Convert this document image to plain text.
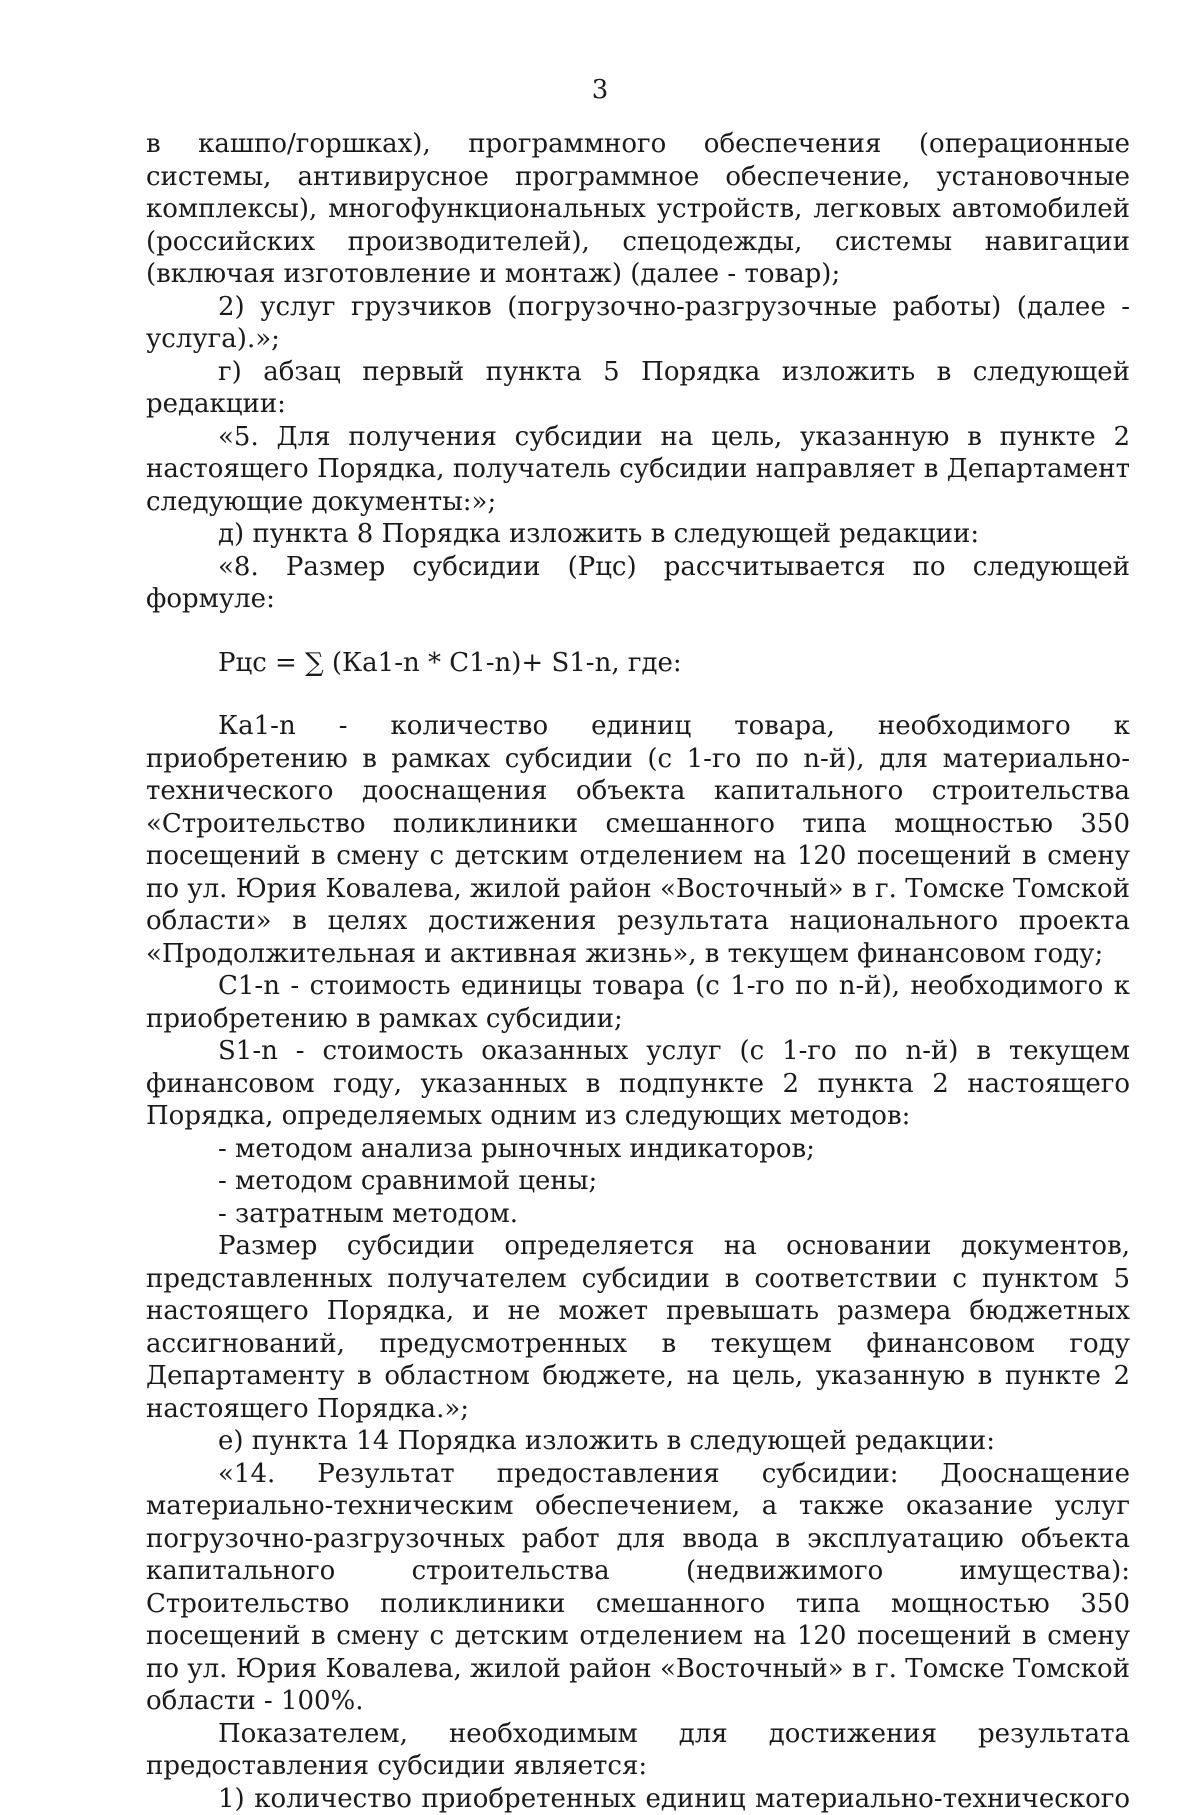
3

в кашпо/горшках), программного обеспечения (операционные системы, антивирусное программное обеспечение, установочные комплексы), многофункциональных устройств, легковых автомобилей (российских производителей), спецодежды, системы навигации (включая изготовление и монтаж) (далее - товар);

2) услуг грузчиков (погрузочно-разгрузочные работы) (далее - услуга).»;

г) абзац первый пункта 5 Порядка изложить в следующей редакции:

«5. Для получения субсидии на цель, указанную в пункте 2 настоящего Порядка, получатель субсидии направляет в Департамент следующие документы:»;

д) пункта 8 Порядка изложить в следующей редакции:

«8. Размер субсидии (Рцс) рассчитывается по следующей формуле:

Рцс = ∑ (Ка1-n * С1-n)+ S1-n, где:

Ка1-n - количество единиц товара, необходимого к приобретению в рамках субсидии (с 1-го по n-й), для материально-технического дооснащения объекта капитального строительства «Строительство поликлиники смешанного типа мощностью 350 посещений в смену с детским отделением на 120 посещений в смену по ул. Юрия Ковалева, жилой район «Восточный» в г. Томске Томской области» в целях достижения результата национального проекта «Продолжительная и активная жизнь», в текущем финансовом году;

С1-n - стоимость единицы товара (с 1-го по n-й), необходимого к приобретению в рамках субсидии;

S1-n - стоимость оказанных услуг (с 1-го по n-й) в текущем финансовом году, указанных в подпункте 2 пункта 2 настоящего Порядка, определяемых одним из следующих методов:

- методом анализа рыночных индикаторов;

- методом сравнимой цены;

- затратным методом.

Размер субсидии определяется на основании документов, представленных получателем субсидии в соответствии с пунктом 5 настоящего Порядка, и не может превышать размера бюджетных ассигнований, предусмотренных в текущем финансовом году Департаменту в областном бюджете, на цель, указанную в пункте 2 настоящего Порядка.»;

е) пункта 14 Порядка изложить в следующей редакции:

«14. Результат предоставления субсидии: Дооснащение материально-техническим обеспечением, а также оказание услуг погрузочно-разгрузочных работ для ввода в эксплуатацию объекта капитального строительства (недвижимого имущества): Строительство поликлиники смешанного типа мощностью 350 посещений в смену с детским отделением на 120 посещений в смену по ул. Юрия Ковалева, жилой район «Восточный» в г. Томске Томской области - 100%.

Показателем, необходимым для достижения результата предоставления субсидии является:

1) количество приобретенных единиц материально-технического
